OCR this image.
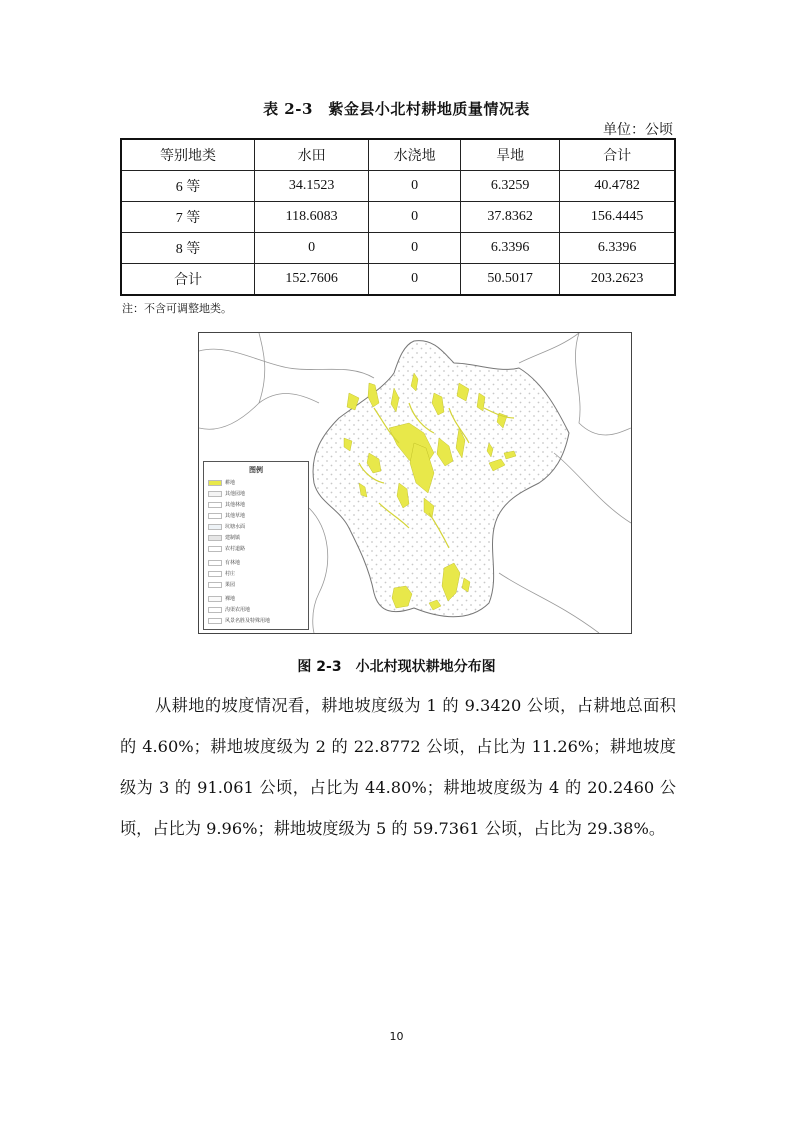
表 2-3　紫金县小北村耕地质量情况表
单位：公顷
等别地类	水田	水浇地	旱地	合计
6 等	34.1523	0	6.3259	40.4782
7 等	118.6083	0	37.8362	156.4445
8 等	0	0	6.3396	6.3396
合计	152.7606	0	50.5017	203.2623
注：不含可调整地类。
图例
耕地
其他园地
其他林地
其他草地
坑塘水面
建制镇
农村道路
有林地
村庄
果园
裸地
沟渠农用地
风景名胜及特殊用地
图 2-3　小北村现状耕地分布图

从耕地的坡度情况看，耕地坡度级为 1 的 9.3420 公顷，占耕地总面积的 4.60%；耕地坡度级为 2 的 22.8772 公顷，占比为 11.26%；耕地坡度级为 3 的 91.061 公顷，占比为 44.80%；耕地坡度级为 4 的 20.2460 公顷，占比为 9.96%；耕地坡度级为 5 的 59.7361 公顷，占比为 29.38%。

10
